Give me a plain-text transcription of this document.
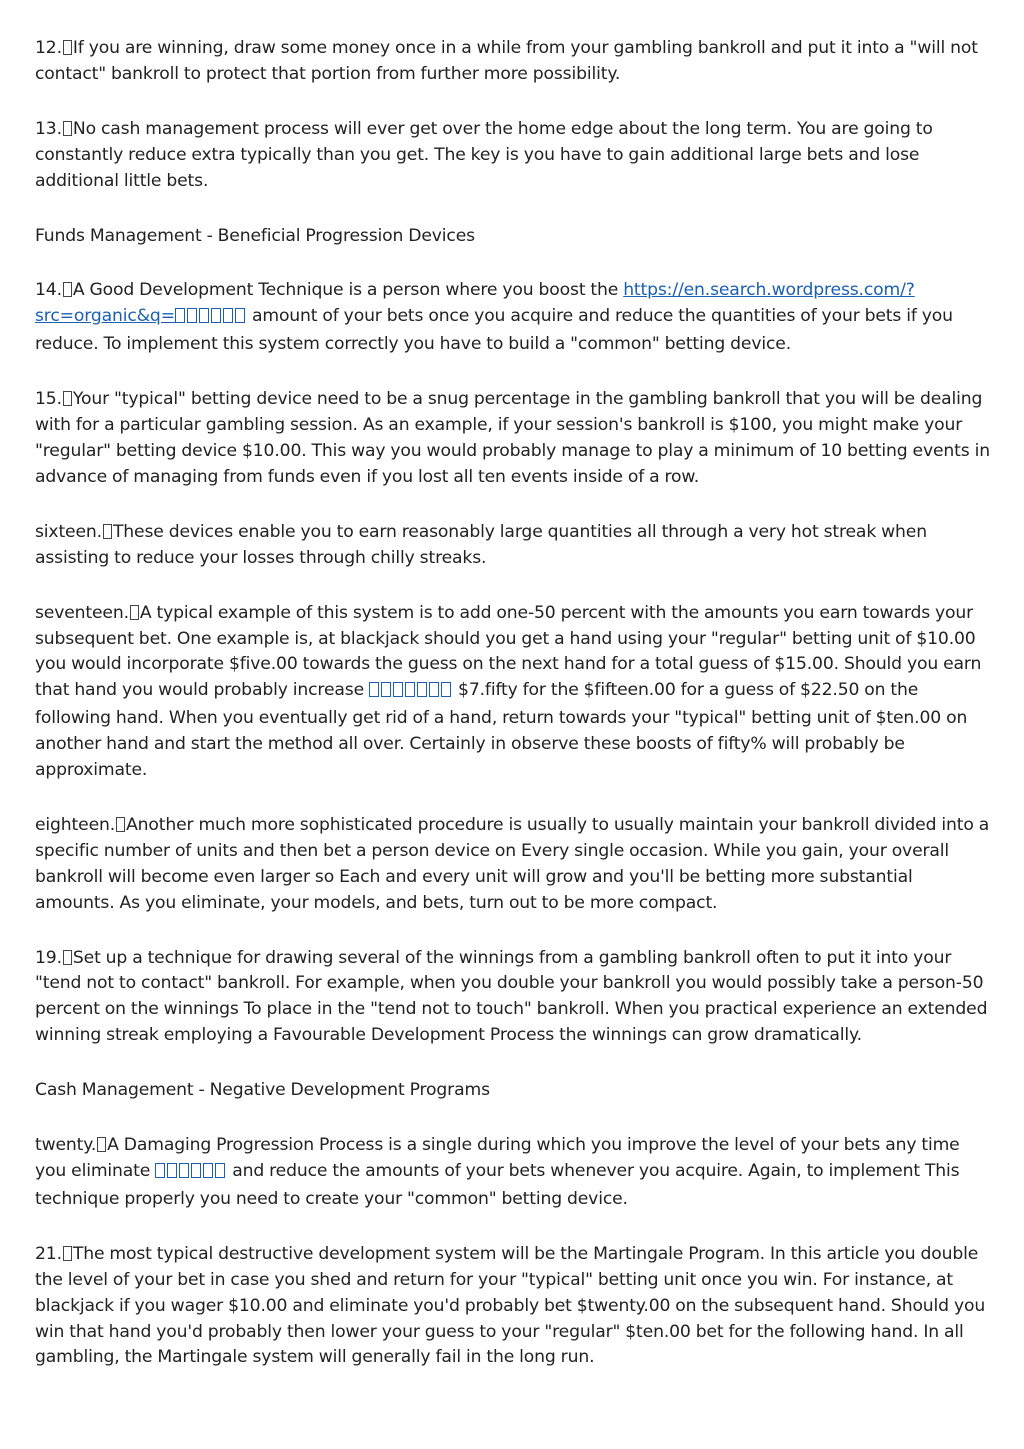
12. If you are winning, draw some money once in a while from your gambling bankroll and put it into a "will not contact" bankroll to protect that portion from further more possibility.

13. No cash management process will ever get over the home edge about the long term. You are going to constantly reduce extra typically than you get. The key is you have to gain additional large bets and lose additional little bets.

Funds Management - Beneficial Progression Devices

14. A Good Development Technique is a person where you boost the https://en.search.wordpress.com/?src=organic&q=	amount of your bets once you acquire and reduce the quantities of your bets if you reduce. To implement this system correctly you have to build a "common" betting device.

15. Your "typical" betting device need to be a snug percentage in the gambling bankroll that you will be dealing with for a particular gambling session. As an example, if your session's bankroll is $100, you might make your "regular" betting device $10.00. This way you would probably manage to play a minimum of 10 betting events in advance of managing from funds even if you lost all ten events inside of a row.

sixteen. These devices enable you to earn reasonably large quantities all through a very hot streak when assisting to reduce your losses through chilly streaks.

seventeen. A typical example of this system is to add one-50 percent with the amounts you earn towards your subsequent bet. One example is, at blackjack should you get a hand using your "regular" betting unit of $10.00 you would incorporate $five.00 towards the guess on the next hand for a total guess of $15.00. Should you earn that hand you would probably increase	$7.fifty for the $fifteen.00 for a guess of $22.50 on the following hand. When you eventually get rid of a hand, return towards your "typical" betting unit of $ten.00 on another hand and start the method all over. Certainly in observe these boosts of fifty% will probably be approximate.

eighteen. Another much more sophisticated procedure is usually to usually maintain your bankroll divided into a specific number of units and then bet a person device on Every single occasion. While you gain, your overall bankroll will become even larger so Each and every unit will grow and you'll be betting more substantial amounts. As you eliminate, your models, and bets, turn out to be more compact.

19. Set up a technique for drawing several of the winnings from a gambling bankroll often to put it into your "tend not to contact" bankroll. For example, when you double your bankroll you would possibly take a person-50 percent on the winnings To place in the "tend not to touch" bankroll. When you practical experience an extended winning streak employing a Favourable Development Process the winnings can grow dramatically.

Cash Management - Negative Development Programs

twenty. A Damaging Progression Process is a single during which you improve the level of your bets any time you eliminate	and reduce the amounts of your bets whenever you acquire. Again, to implement This technique properly you need to create your "common" betting device.

21. The most typical destructive development system will be the Martingale Program. In this article you double the level of your bet in case you shed and return for your "typical" betting unit once you win. For instance, at blackjack if you wager $10.00 and eliminate you'd probably bet $twenty.00 on the subsequent hand. Should you win that hand you'd probably then lower your guess to your "regular" $ten.00 bet for the following hand. In all gambling, the Martingale system will generally fail in the long run.
